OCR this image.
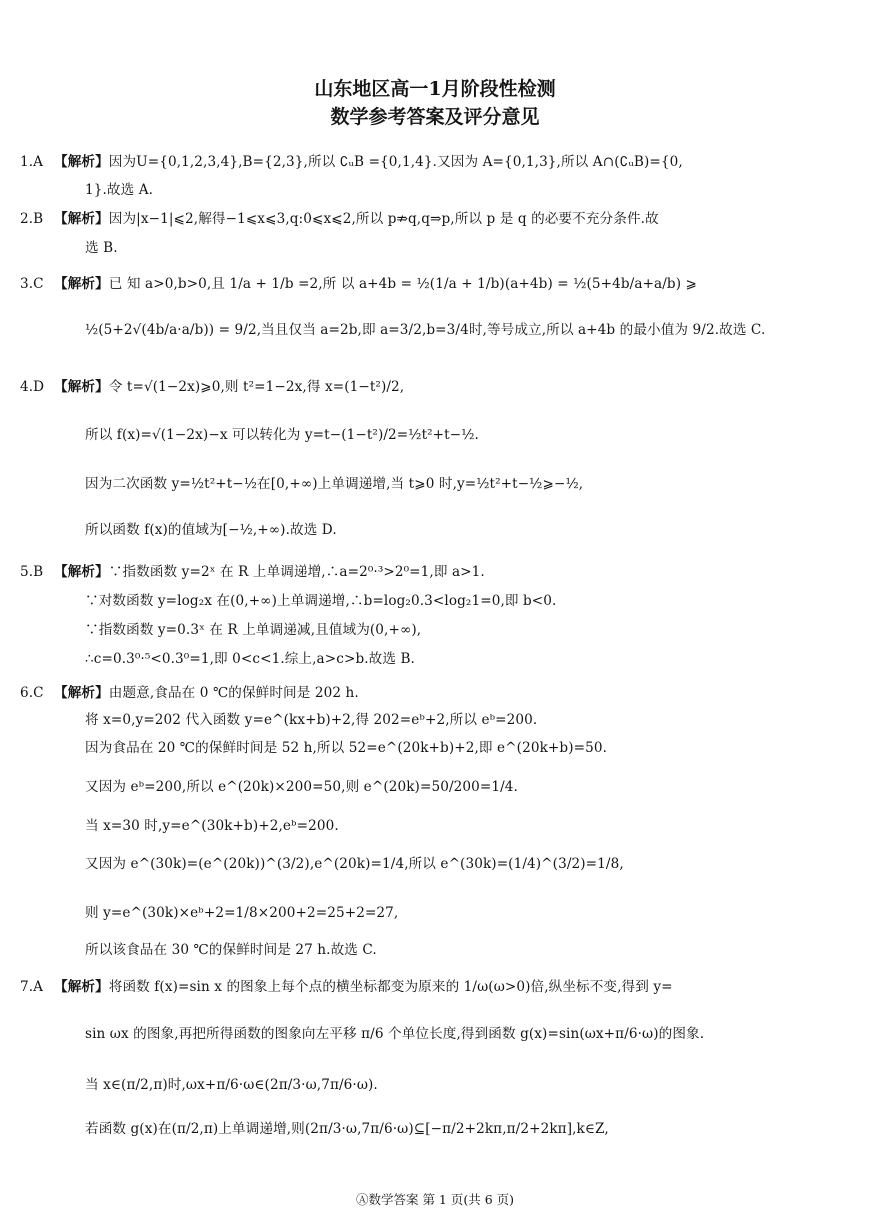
山东地区高一1月阶段性检测
数学参考答案及评分意见
1.A 【解析】因为U={0,1,2,3,4},B={2,3},所以 ∁ᵤB ={0,1,4}.又因为 A={0,1,3},所以 A∩(∁ᵤB)={0,
1}.故选 A.
2.B 【解析】因为|x−1|⩽2,解得−1⩽x⩽3,q:0⩽x⩽2,所以 p⇏q,q⇒p,所以 p 是 q 的必要不充分条件.故
选 B.
3.C 【解析】已 知 a>0,b>0,且 1/a + 1/b =2,所 以 a+4b = ½(1/a + 1/b)(a+4b) = ½(5+4b/a+a/b) ⩾
½(5+2√(4b/a·a/b)) = 9/2,当且仅当 a=2b,即 a=3/2,b=3/4时,等号成立,所以 a+4b 的最小值为 9/2.故选 C.
4.D 【解析】令 t=√(1−2x)⩾0,则 t²=1−2x,得 x=(1−t²)/2,
所以 f(x)=√(1−2x)−x 可以转化为 y=t−(1−t²)/2=½t²+t−½.
因为二次函数 y=½t²+t−½在[0,+∞)上单调递增,当 t⩾0 时,y=½t²+t−½⩾−½,
所以函数 f(x)的值域为[−½,+∞).故选 D.
5.B 【解析】∵指数函数 y=2ˣ 在 R 上单调递增,∴a=2⁰·³>2⁰=1,即 a>1.
∵对数函数 y=log₂x 在(0,+∞)上单调递增,∴b=log₂0.3<log₂1=0,即 b<0.
∵指数函数 y=0.3ˣ 在 R 上单调递减,且值域为(0,+∞),
∴c=0.3⁰·⁵<0.3⁰=1,即 0<c<1.综上,a>c>b.故选 B.
6.C 【解析】由题意,食品在 0 ℃的保鲜时间是 202 h.
将 x=0,y=202 代入函数 y=e^(kx+b)+2,得 202=eᵇ+2,所以 eᵇ=200.
因为食品在 20 ℃的保鲜时间是 52 h,所以 52=e^(20k+b)+2,即 e^(20k+b)=50.
又因为 eᵇ=200,所以 e^(20k)×200=50,则 e^(20k)=50/200=1/4.
当 x=30 时,y=e^(30k+b)+2,eᵇ=200.
又因为 e^(30k)=(e^(20k))^(3/2),e^(20k)=1/4,所以 e^(30k)=(1/4)^(3/2)=1/8,
则 y=e^(30k)×eᵇ+2=1/8×200+2=25+2=27,
所以该食品在 30 ℃的保鲜时间是 27 h.故选 C.
7.A 【解析】将函数 f(x)=sin x 的图象上每个点的横坐标都变为原来的 1/ω(ω>0)倍,纵坐标不变,得到 y=
sin ωx 的图象,再把所得函数的图象向左平移 π/6 个单位长度,得到函数 g(x)=sin(ωx+π/6·ω)的图象.
当 x∈(π/2,π)时,ωx+π/6·ω∈(2π/3·ω,7π/6·ω).
若函数 g(x)在(π/2,π)上单调递增,则(2π/3·ω,7π/6·ω)⊆[−π/2+2kπ,π/2+2kπ],k∈Z,
Ⓐ数学答案 第 1 页(共 6 页)
